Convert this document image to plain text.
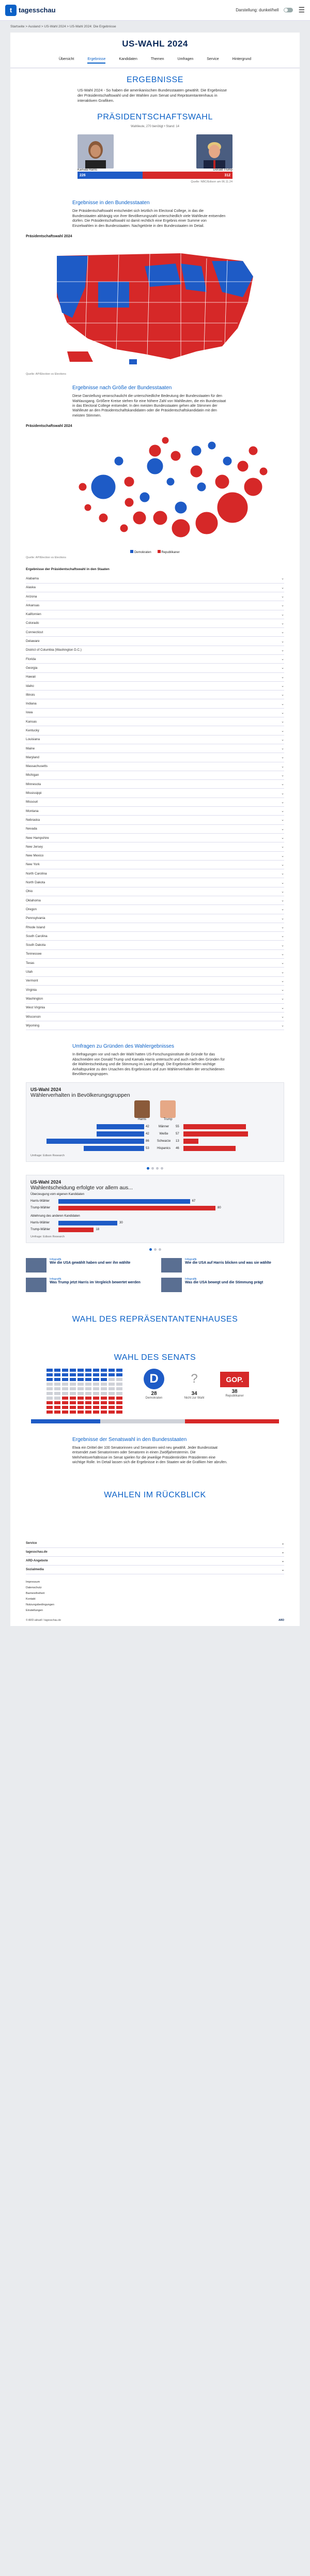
t tagesschau	Darstellung: dunkel/hell	☰
Startseite > Ausland > US-Wahl 2024 > US-Wahl 2024: Die Ergebnisse
US-WAHL 2024
Übersicht	Ergebnisse	Kandidaten	Themen	Umfragen	Service	Hintergrund
ERGEBNISSE
US-Wahl 2024 - So haben die amerikanischen Bundesstaaten gewählt. Die Ergebnisse der Präsidentschaftswahl und der Wahlen zum Senat und Repräsentantenhaus in interaktiven Grafiken.
PRÄSIDENTSCHAFTSWAHL
Wahlleute, 270 benötigt • Stand: 14
Kamala Harris	Donald Trump
226	312
Quelle: NBC/Edison am 06.11.24
Ergebnisse in den Bundesstaaten
Die Präsidentschaftswahl entscheidet sich letztlich im Electoral College, in das die Bundesstaaten abhängig von ihrer Bevölkerungszahl unterschiedlich viele Wahlleute entsenden dürfen. Die Präsidentschaftswahl ist damit rechtlich eine Ergebnis einer Summe von Einzelwahlen in den Bundesstaaten. Nachgetönte in den Bundesstaaten im Detail.
Präsidentschaftswahl 2024
Quelle: AP/Election vs Elections
Ergebnisse nach Größe der Bundesstaaten
Diese Darstellung veranschaulicht die unterschiedliche Bedeutung der Bundesstaaten für den Wahlausgang. Größere Kreise stehen für eine höhere Zahl von Wahlleuten, die ein Bundesstaat in das Electoral College entsendet. In den meisten Bundesstaaten gehen alle Stimmen der Wahlleute an den Präsidentschaftskandidaten oder die Präsidentschaftskandidatin mit den meisten Stimmen.
Präsidentschaftswahl 2024
Demokraten	Republikaner
Quelle: AP/Election vs Elections
Ergebnisse der Präsidentschaftswahl in den Staaten
Alabama	⌄
Alaska	⌄
Arizona	⌄
Arkansas	⌄
Kalifornien	⌄
Colorado	⌄
Connecticut	⌄
Delaware	⌄
District of Columbia (Washington D.C.)	⌄
Florida	⌄
Georgia	⌄
Hawaii	⌄
Idaho	⌄
Illinois	⌄
Indiana	⌄
Iowa	⌄
Kansas	⌄
Kentucky	⌄
Louisiana	⌄
Maine	⌄
Maryland	⌄
Massachusetts	⌄
Michigan	⌄
Minnesota	⌄
Mississippi	⌄
Missouri	⌄
Montana	⌄
Nebraska	⌄
Nevada	⌄
New Hampshire	⌄
New Jersey	⌄
New Mexico	⌄
New York	⌄
North Carolina	⌄
North Dakota	⌄
Ohio	⌄
Oklahoma	⌄
Oregon	⌄
Pennsylvania	⌄
Rhode Island	⌄
South Carolina	⌄
South Dakota	⌄
Tennessee	⌄
Texas	⌄
Utah	⌄
Vermont	⌄
Virginia	⌄
Washington	⌄
West Virginia	⌄
Wisconsin	⌄
Wyoming	⌄
Umfragen zu Gründen des Wahlergebnisses
In Befragungen vor und nach der Wahl hatten US-Forschungsinstitute die Gründe für das Abschneiden von Donald Trump und Kamala Harris untersucht und auch nach den Gründen für die Wahlentscheidung und die Stimmung im Land gefragt. Die Ergebnisse liefern wichtige Anhaltspunkte zu den Ursachen des Ergebnisses und zum Wählerverhalten der verschiedenen Bevölkerungsgruppen.
US-Wahl 2024
Wählerverhalten in Bevölkerungsgruppen
Harris	Trump
42	Männer	55
42	Weiße	57
86	Schwarze	13
53	Hispanics	46
Umfrage: Edison Research
US-Wahl 2024
Wahlentscheidung erfolgte vor allem aus...
Überzeugung vom eigenen Kandidaten
Harris-Wähler	67
Trump-Wähler	80
Ablehnung des anderen Kandidaten
Harris-Wähler	30
Trump-Wähler	18
Umfrage: Edison Research
Infografik
Wie die USA gewählt haben und wer ihn wählte
Infografik
Wie die USA auf Harris blicken und was sie wählte
Infografik
Was Trump jetzt Harris im Vergleich bewertet werden
Infografik
Was die USA bewegt und die Stimmung prägt
WAHL DES REPRÄSENTANTENHAUSES
WAHL DES SENATS
D
28
Demokraten
?
34
Nicht zur Wahl
GOP.
38
Republikaner
Ergebnisse der Senatswahl in den Bundesstaaten
Etwa ein Drittel der 100 Senatorinnen und Senatoren wird neu gewählt. Jeder Bundesstaat entsendet zwei Senatorinnen oder Senatoren in einen Zwölfjahrestermin. Die Mehrheitsverhältnisse im Senat spielen für die jeweilige Präsidentin/den Präsidenten eine wichtige Rolle. Im Detail lassen sich die Ergebnisse in den Staaten wie die Grafiken hier abrufen.
WAHLEN IM RÜCKBLICK
Service	⌄
tagesschau.de	⌄
ARD-Angebote	⌄
Sozialmedia	⌄
Impressum
Datenschutz
Barrierefreiheit
Kontakt
Nutzungsbedingungen
Einstellungen
© ARD-aktuell / tagesschau.de	ARD
